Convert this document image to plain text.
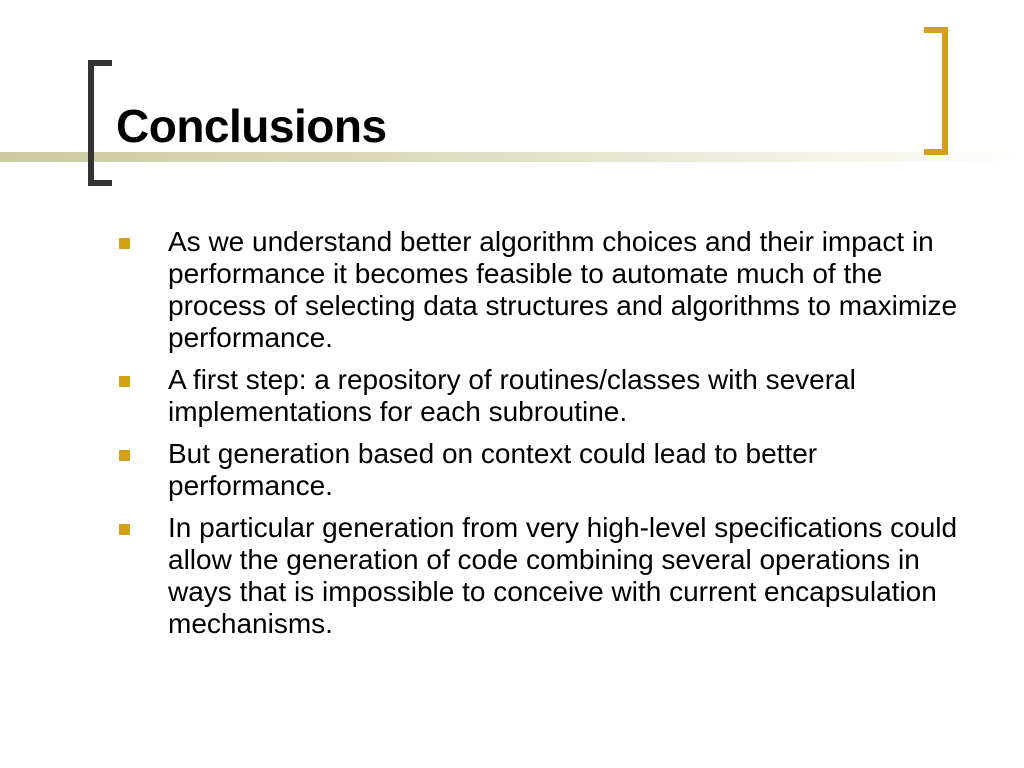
Conclusions
As we understand better algorithm choices and their impact in performance it becomes feasible to automate much of the process of selecting data structures and algorithms to maximize performance.
A first step: a repository of routines/classes with several implementations for each subroutine.
But generation based on context could lead to better performance.
In particular generation from very high-level specifications could allow the generation of code combining several operations in ways that is impossible to conceive with current encapsulation mechanisms.
